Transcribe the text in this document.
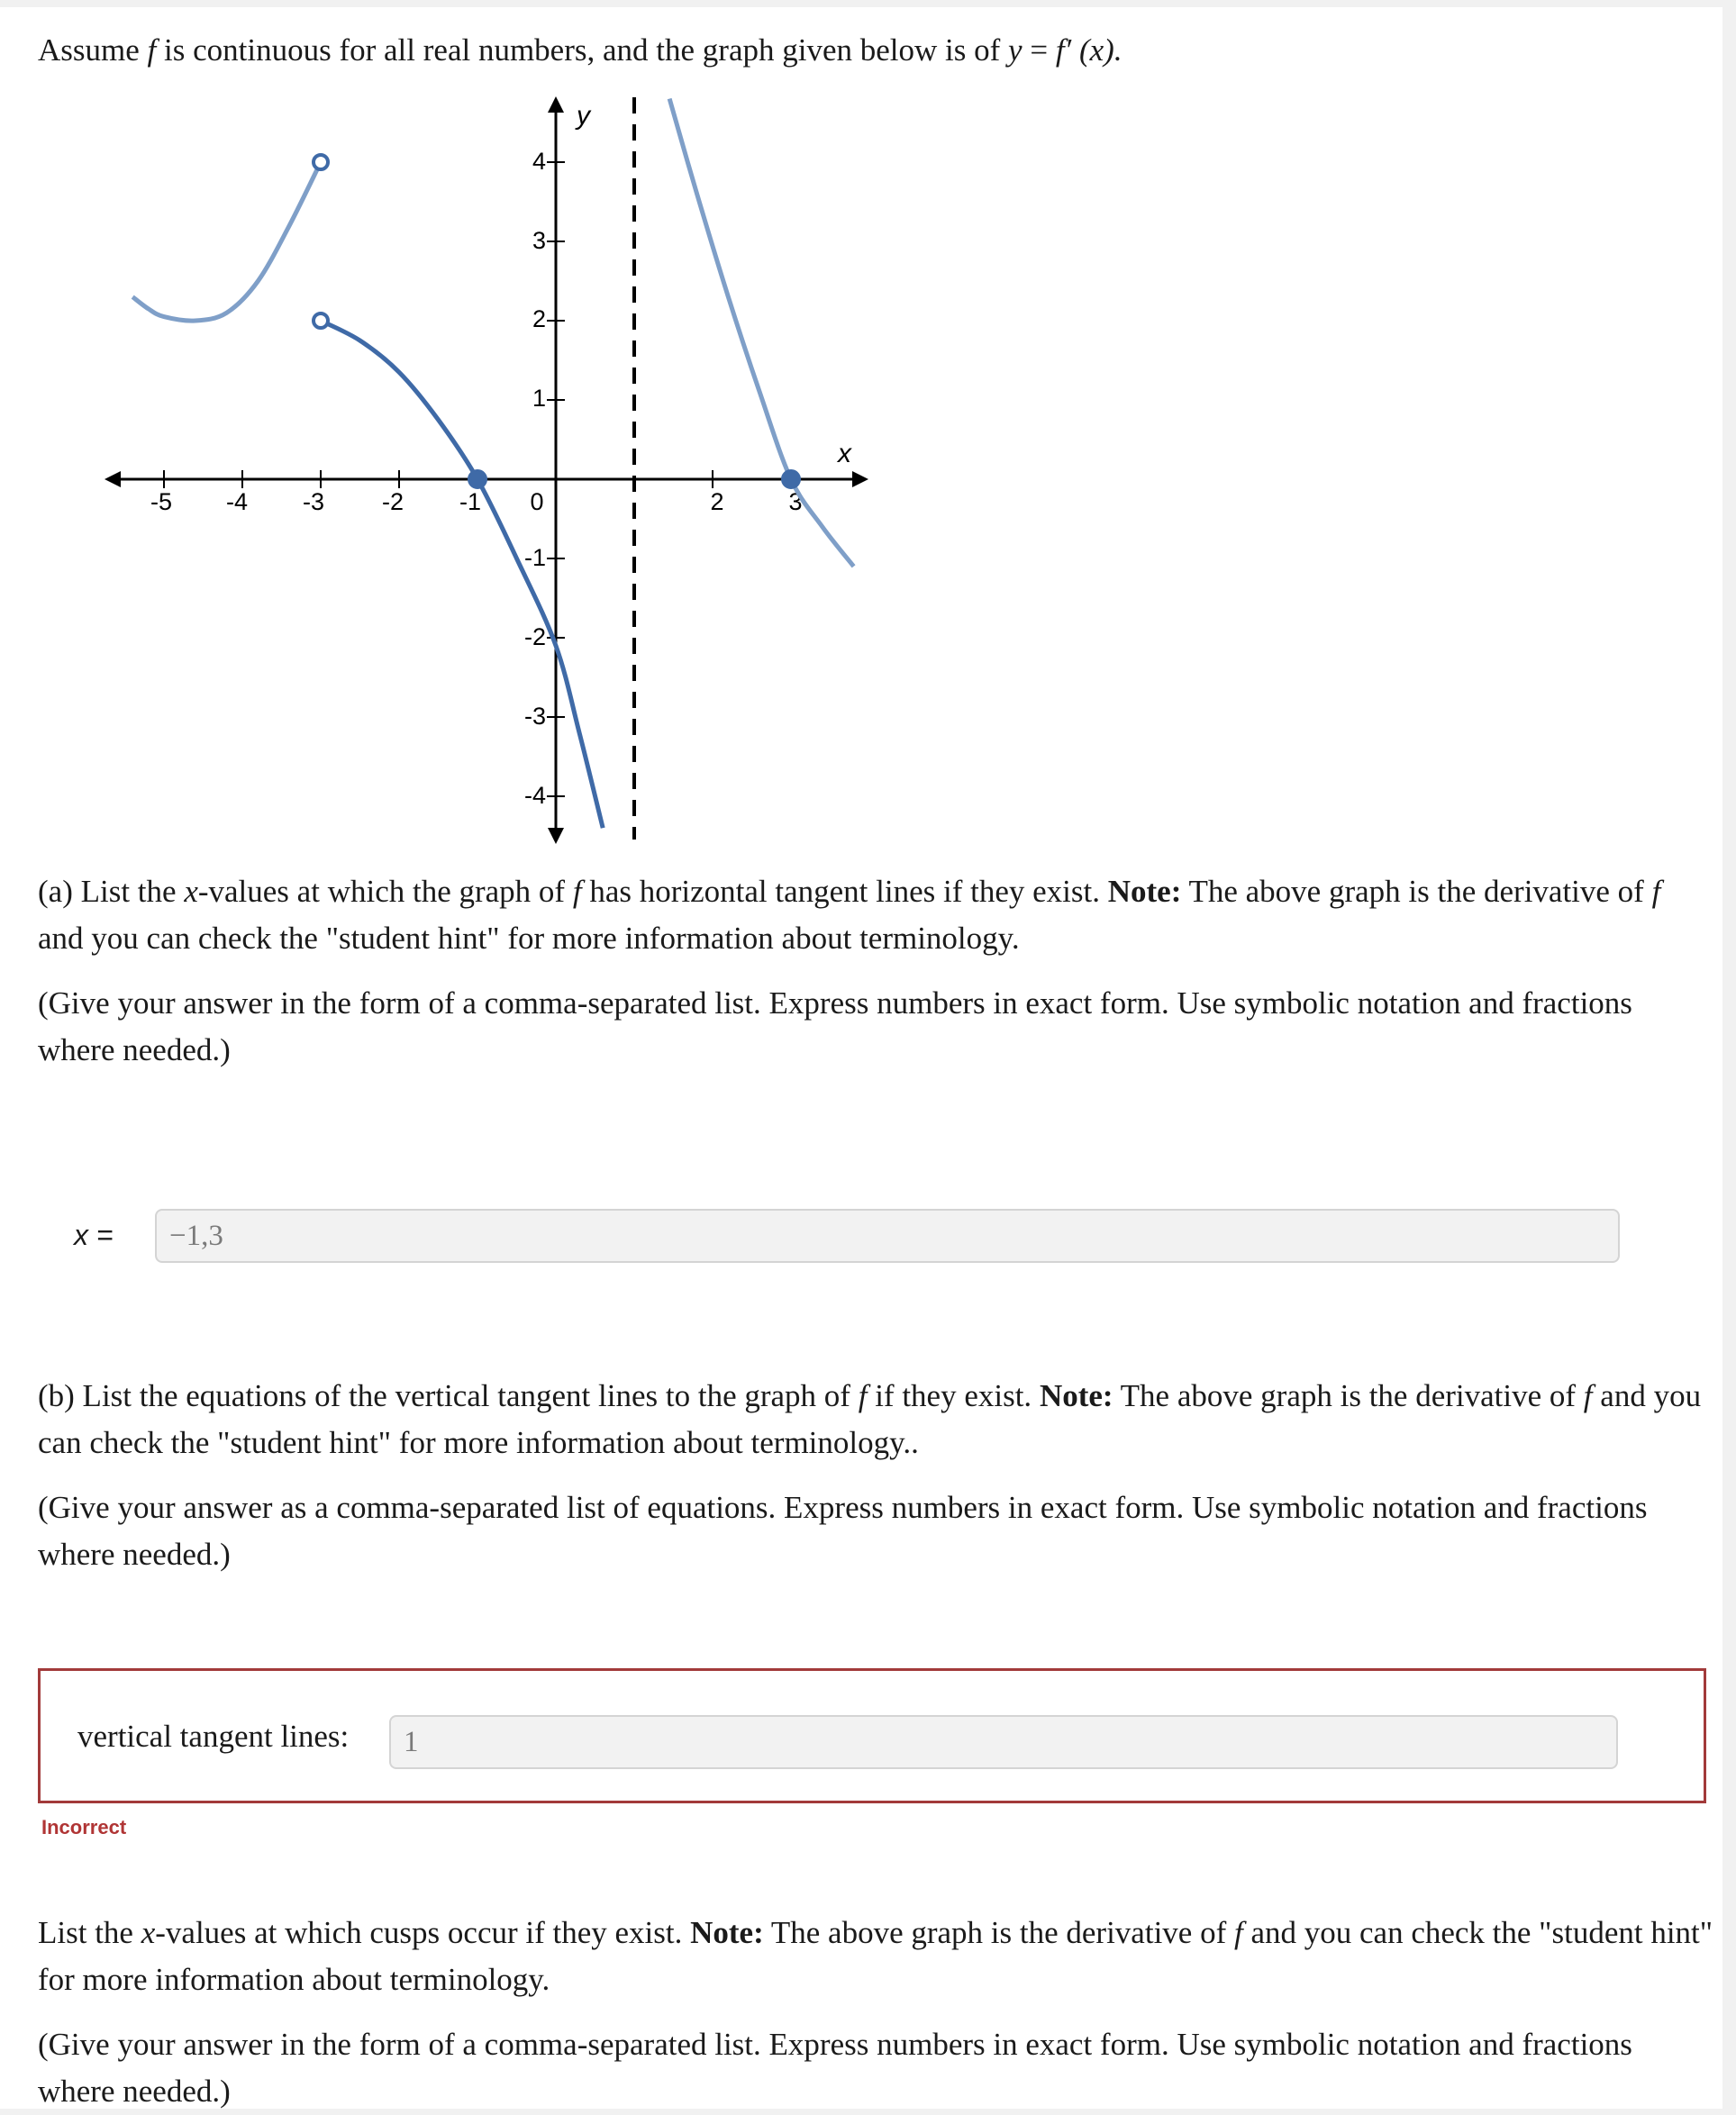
Assume f is continuous for all real numbers, and the graph given below is of y = f′ (x).
-5 -4 -3 -2 -1 0	2	3
4
3
2
1
-1
-2
-3
-4
y
x
(a) List the x-values at which the graph of f has horizontal tangent lines if they exist. Note: The above graph is the derivative of f and you can check the "student hint" for more information about terminology.
(Give your answer in the form of a comma-separated list. Express numbers in exact form. Use symbolic notation and fractions where needed.)
x =	−1,3
(b) List the equations of the vertical tangent lines to the graph of f if they exist. Note: The above graph is the derivative of f and you can check the "student hint" for more information about terminology..
(Give your answer as a comma-separated list of equations. Express numbers in exact form. Use symbolic notation and fractions where needed.)
vertical tangent lines:	1
Incorrect
List the x-values at which cusps occur if they exist. Note: The above graph is the derivative of f and you can check the "student hint" for more information about terminology.
(Give your answer in the form of a comma-separated list. Express numbers in exact form. Use symbolic notation and fractions where needed.)
